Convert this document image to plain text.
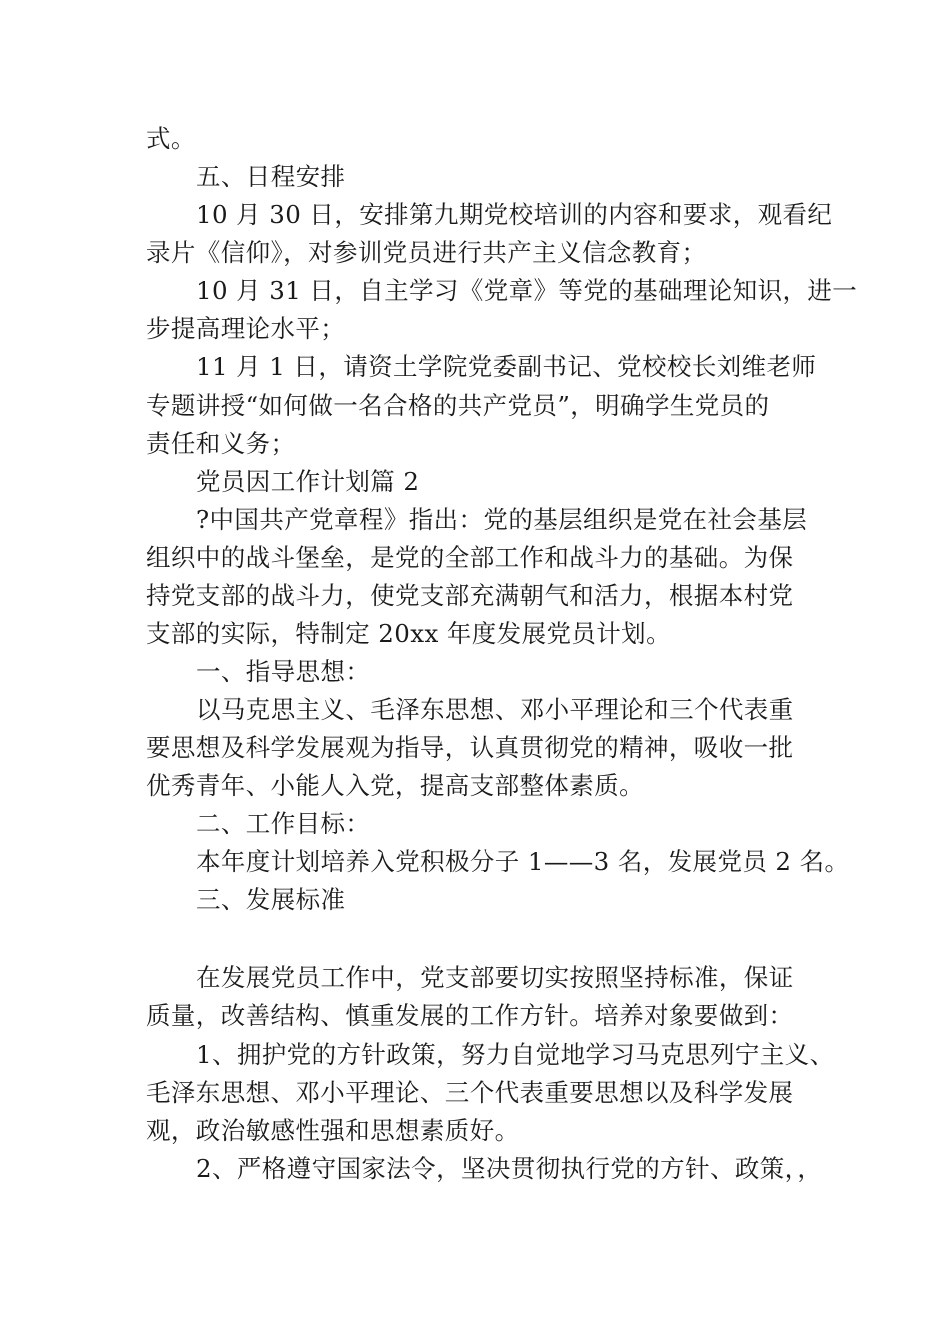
式。
五、日程安排
10 月 30 日，安排第九期党校培训的内容和要求，观看纪
录片《信仰》，对参训党员进行共产主义信念教育；
10 月 31 日，自主学习《党章》等党的基础理论知识，进一
步提高理论水平；
11 月 1 日，请资土学院党委副书记、党校校长刘维老师
专题讲授“如何做一名合格的共产党员”，明确学生党员的
责任和义务；
党员因工作计划篇 2
?中国共产党章程》指出：党的基层组织是党在社会基层
组织中的战斗堡垒，是党的全部工作和战斗力的基础。为保
持党支部的战斗力，使党支部充满朝气和活力，根据本村党
支部的实际，特制定 20xx 年度发展党员计划。
一、指导思想：
以马克思主义、毛泽东思想、邓小平理论和三个代表重
要思想及科学发展观为指导，认真贯彻党的精神，吸收一批
优秀青年、小能人入党，提高支部整体素质。
二、工作目标：
本年度计划培养入党积极分子 1——3 名，发展党员 2 名。
三、发展标准
在发展党员工作中，党支部要切实按照坚持标准，保证
质量，改善结构、慎重发展的工作方针。培养对象要做到：
1、拥护党的方针政策，努力自觉地学习马克思列宁主义、
毛泽东思想、邓小平理论、三个代表重要思想以及科学发展
观，政治敏感性强和思想素质好。
2、严格遵守国家法令，坚决贯彻执行党的方针、政策，，
